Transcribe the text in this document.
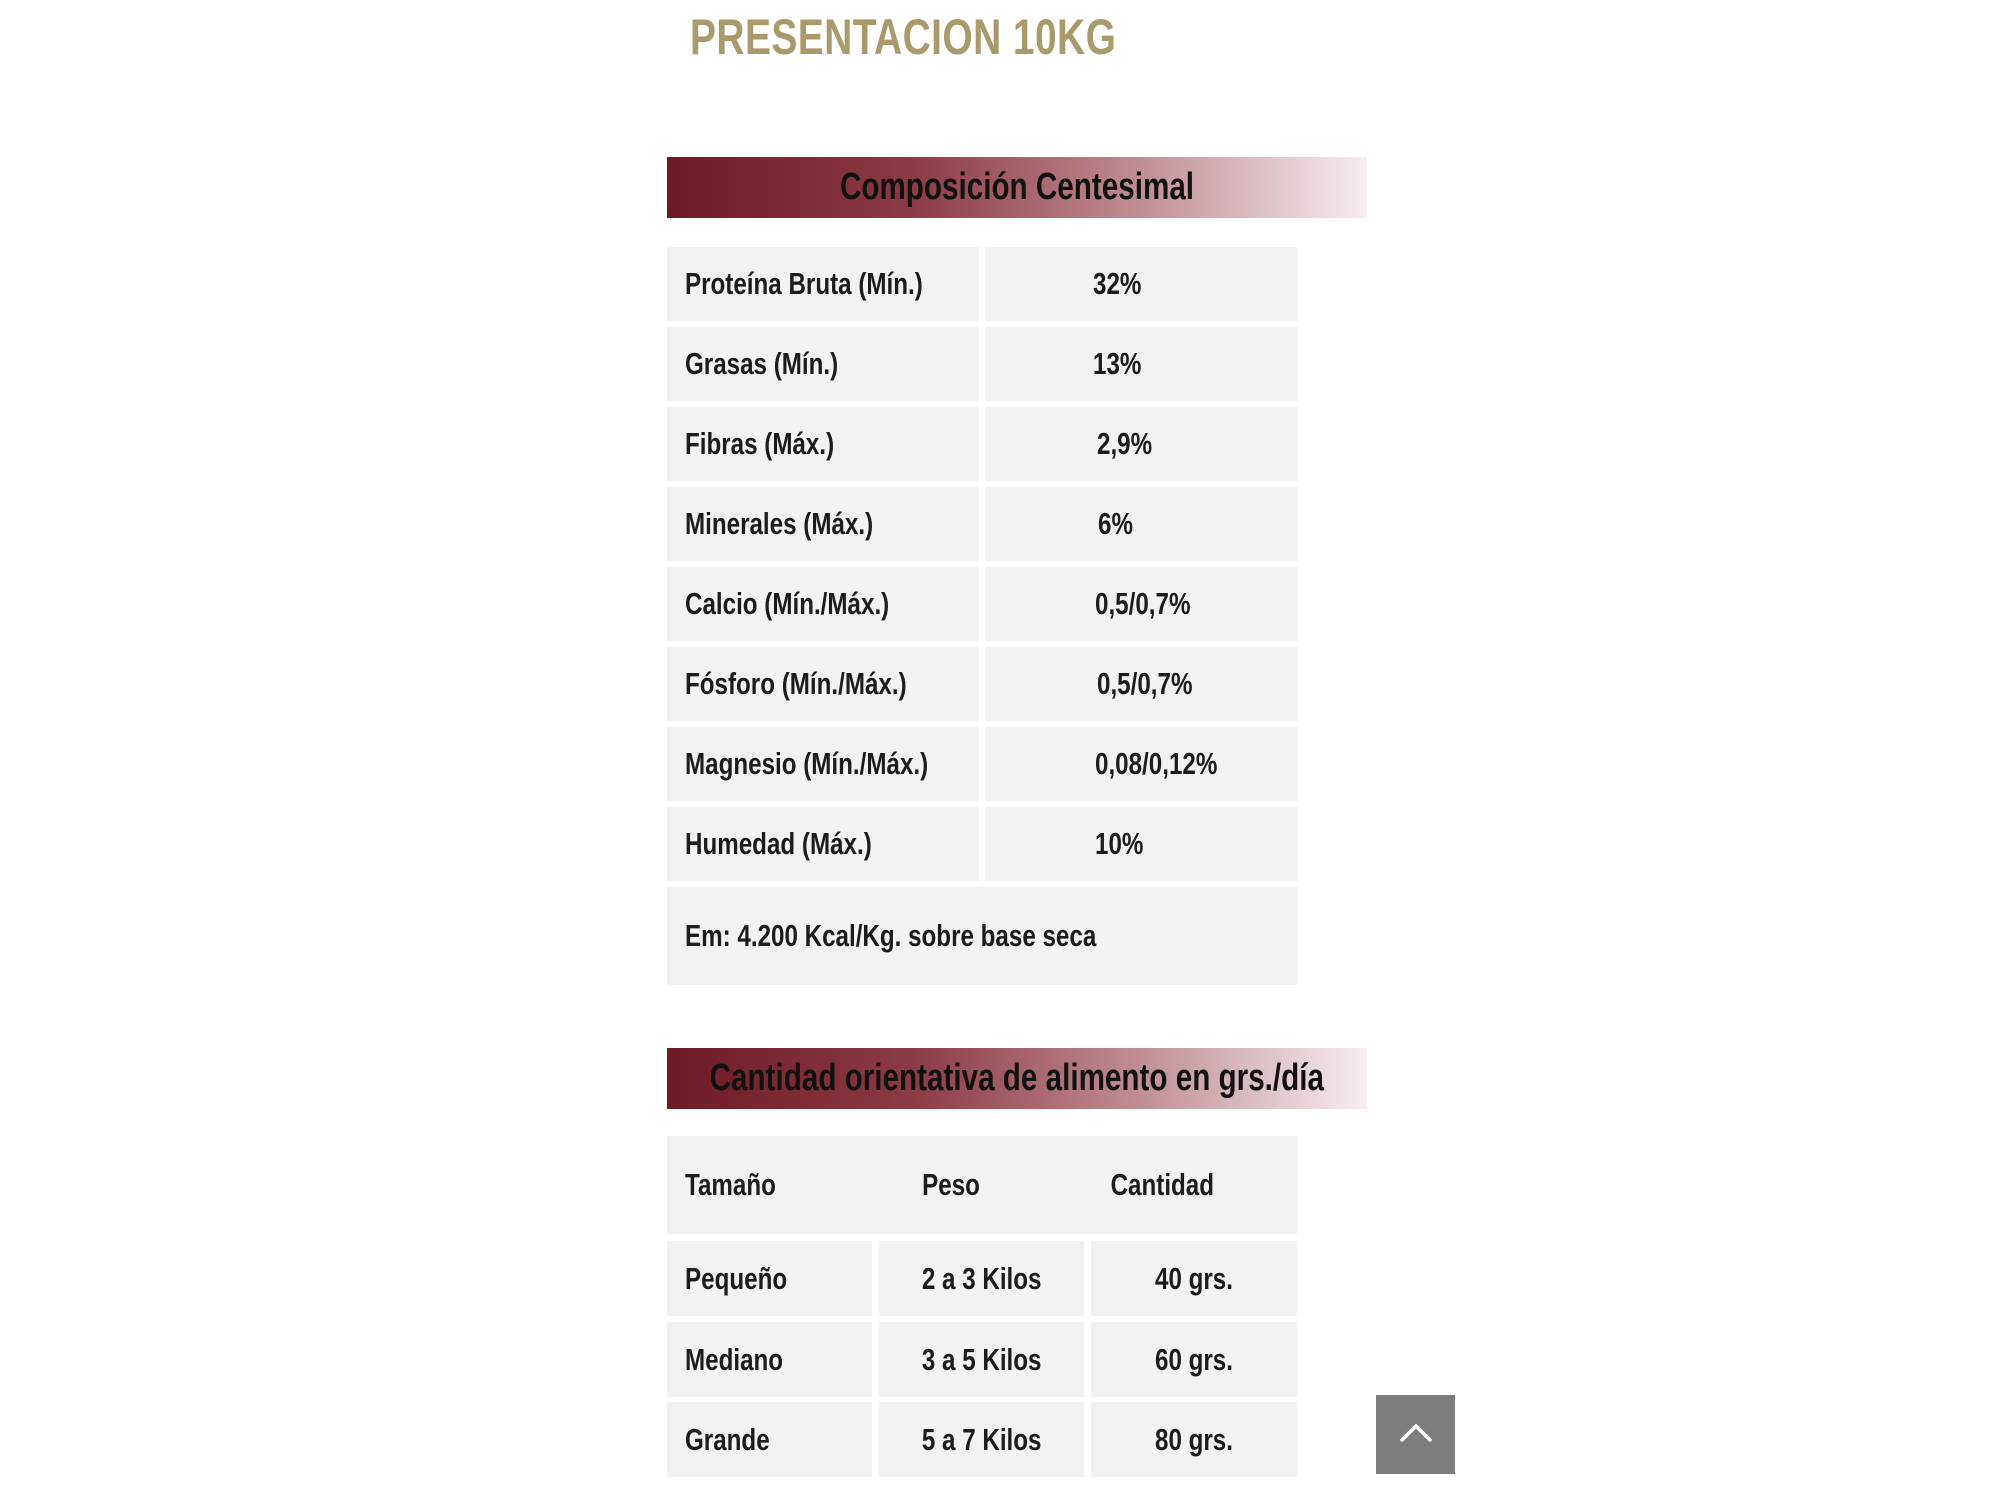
PRESENTACION 10KG
Composición Centesimal
Proteína Bruta (Mín.)	32%
Grasas (Mín.)	13%
Fibras (Máx.)	2,9%
Minerales (Máx.)	6%
Calcio (Mín./Máx.)	0,5/0,7%
Fósforo (Mín./Máx.)	0,5/0,7%
Magnesio (Mín./Máx.)	0,08/0,12%
Humedad (Máx.)	10%
Em: 4.200 Kcal/Kg. sobre base seca
Cantidad orientativa de alimento en grs./día
Tamaño	Peso	Cantidad
Pequeño	2 a 3 Kilos	40 grs.
Mediano	3 a 5 Kilos	60 grs.
Grande	5 a 7 Kilos	80 grs.
